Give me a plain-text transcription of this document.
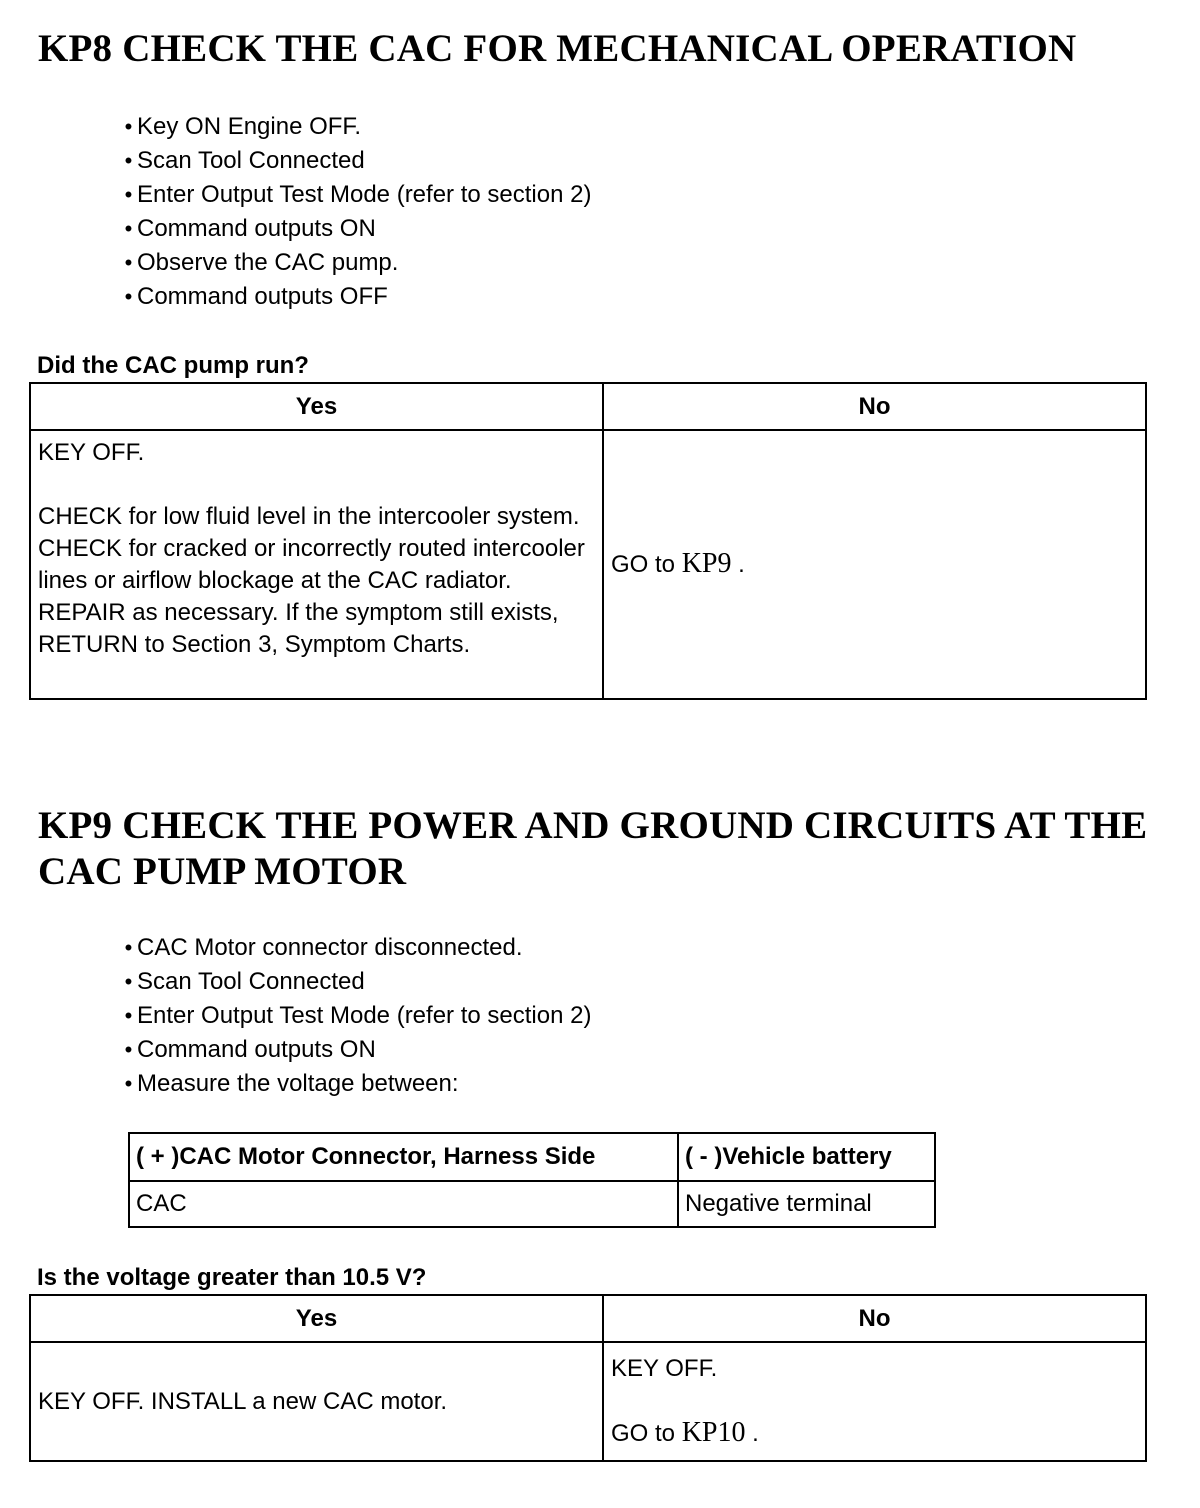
KP8 CHECK THE CAC FOR MECHANICAL OPERATION
• Key ON Engine OFF.
• Scan Tool Connected
• Enter Output Test Mode (refer to section 2)
• Command outputs ON
• Observe the CAC pump.
• Command outputs OFF

Did the CAC pump run?

Yes	No

KEY OFF.
CHECK for low fluid level in the intercooler system. CHECK for cracked or incorrectly routed intercooler lines or airflow blockage at the CAC radiator. REPAIR as necessary. If the symptom still exists, RETURN to Section 3, Symptom Charts.	GO to KP9 .
KP9 CHECK THE POWER AND GROUND CIRCUITS AT THE
CAC PUMP MOTOR
• CAC Motor connector disconnected.
• Scan Tool Connected
• Enter Output Test Mode (refer to section 2)
• Command outputs ON
• Measure the voltage between:
( + )CAC Motor Connector, Harness Side	( - )Vehicle battery
CAC	Negative terminal

Is the voltage greater than 10.5 V?

Yes	No
KEY OFF. INSTALL a new CAC motor.	KEY OFF.
GO to KP10 .
